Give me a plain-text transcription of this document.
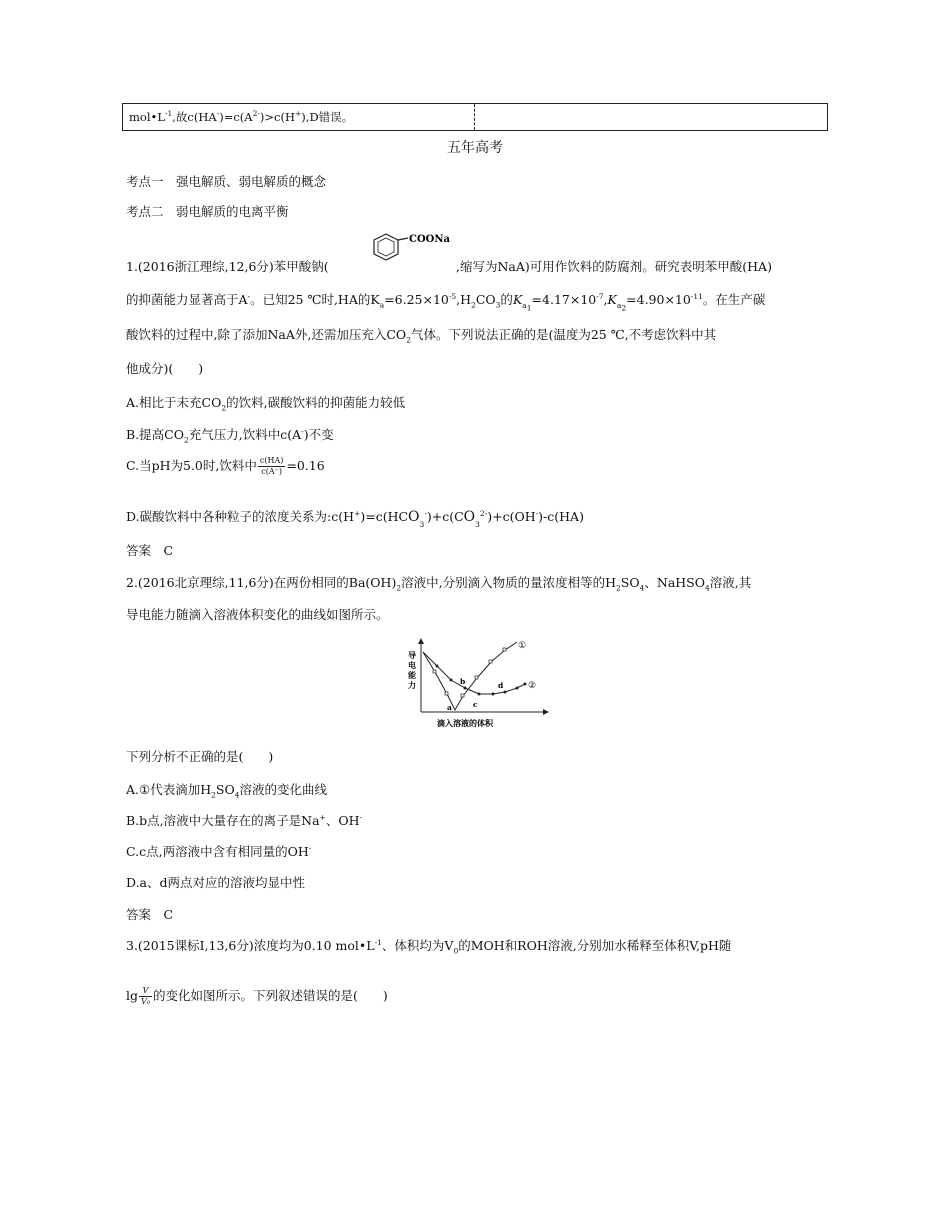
$mol•L^{-1}$,故$c(HA^-)=c(A^{2-})>c(H^+),D$错误。
五年高考
考点一　强电解质、弱电解质的概念
考点二　弱电解质的电离平衡
1.(2016浙江理综,12,6分)苯甲酸钠(
COONa
,缩写为NaA)可用作饮料的防腐剂。研究表明苯甲酸(HA)
的抑菌能力显著高于A-。已知25 ℃时,HA的$K_a=6.25\times 10^{-5},H_2CO_3$的$K_{a_1}=4.17\times 10^{-7},K_{a_2}=4.90\times 10^{-11}$。在生产碳
酸饮料的过程中,除了添加NaA外,还需加压充入$CO_2$气体。下列说法正确的是(温度为25 ℃,不考虑饮料中其
他成分)(　　)
A.相比于未充$CO_2$的饮料,碳酸饮料的抑菌能力较低
B.提高$CO_2$充气压力,饮料中c(A-)不变
C.当pH为5.0时,饮料中 $\frac{c(HA)}{c(A^-)} =0.16$
D.碳酸饮料中各种粒子的浓度关系为$:c(H^+)=c(HCO_3^-)+c(CO_3^{2-})+c(OH^-)-c(HA)$
答案　C
2.(2016北京理综,11,6分)在两份相同的$Ba(OH)_2$溶液中,分别滴入物质的量浓度相等的$H_2SO_4$、NaHSO$_4$溶液,其
导电能力随滴入溶液体积变化的曲线如图所示。
导
电
能
力
a
b
c
d
①
②
滴入溶液的体积
下列分析不正确的是(　　)
A.①代表滴加$H_2SO_4$溶液的变化曲线
B.b点,溶液中大量存在的离子是Na+、OH-
C.c点,两溶液中含有相同量的OH-
D.a、d两点对应的溶液均显中性
答案　C
3.(2015课标Ⅰ,13,6分)浓度均为0.10 $mol•L^{-1}$、体积均为$V_0$的MOH和ROH溶液,分别加水稀释至体积V,pH随
$\lg \frac{V}{\text{V₀}}$ 的变化如图所示。下列叙述错误的是(　　)
